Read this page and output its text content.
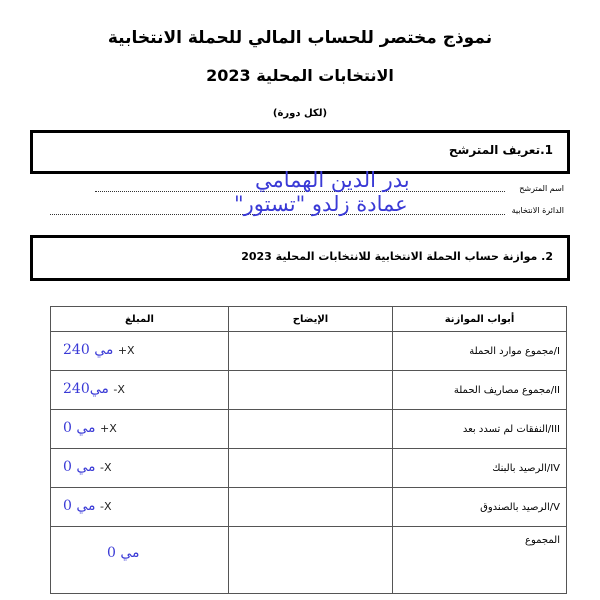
نموذج مختصر للحساب المالي للحملة الانتخابية
الانتخابات المحلية 2023
(لكل دورة)
1.تعريف المترشح
اسم المترشح
بدر الدين الهمامي
الدائرة الانتخابية
عمادة زلدو "تستور"
2. موازنة حساب الحملة الانتخابية للانتخابات المحلية 2023
أبواب الموازنة	الإيضاح	المبلغ
I/مجموع موارد الحملة		مي 240 +X

II/مجموع مصاريف الحملة		مي240 -X

III/النفقات لم تسدد بعد		مي 0 +X

IV/الرصيد بالبنك		مي 0 -X

V/الرصيد بالصندوق		مي 0 -X

المجموع		مي 0
